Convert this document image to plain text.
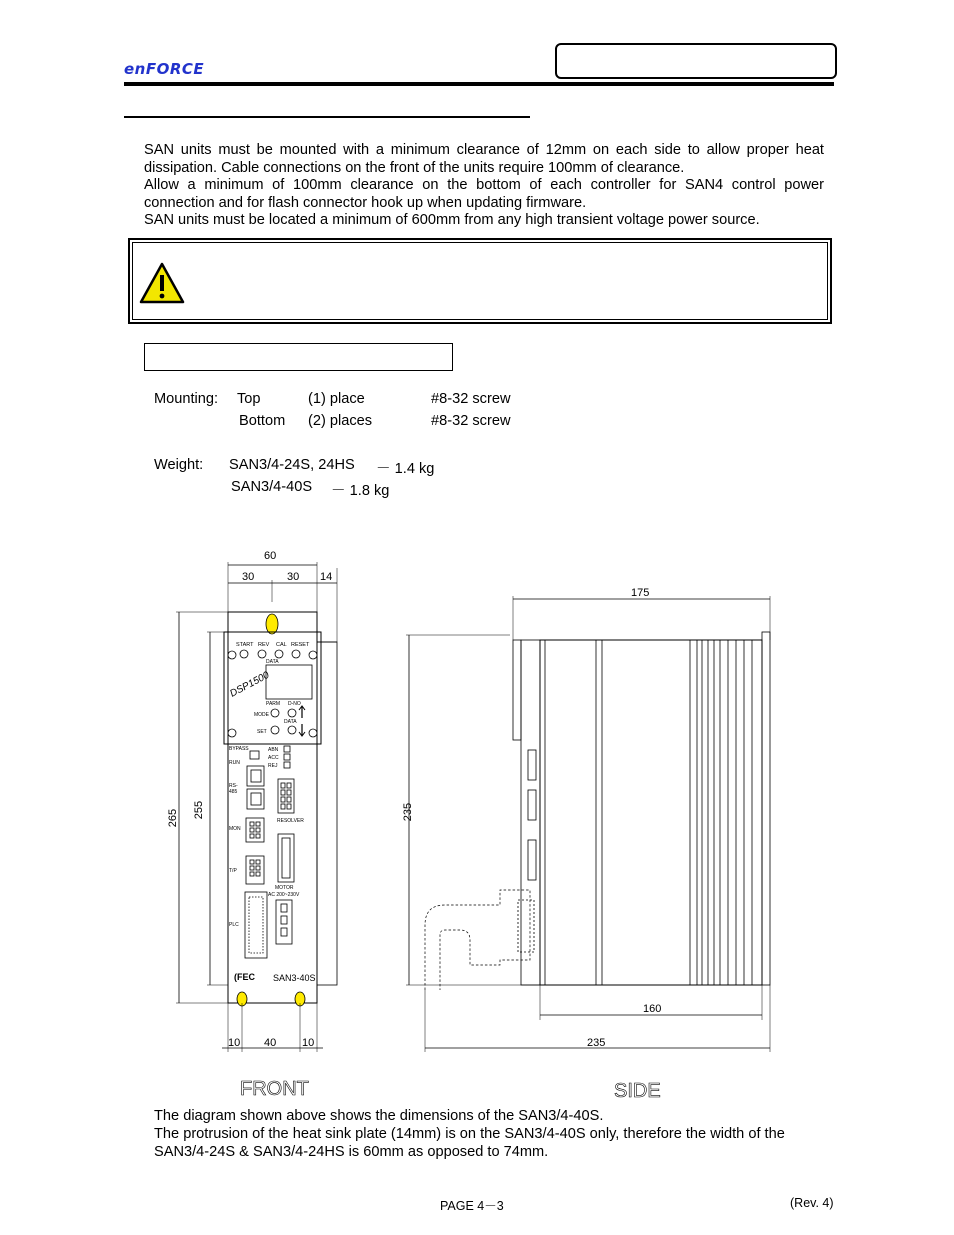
enFORCE
SAN units must be mounted with a minimum clearance of 12mm on each side to allow proper heat dissipation. Cable connections on the front of the units require 100mm of clearance.
Allow a minimum of 100mm clearance on the bottom of each controller for SAN4 control power connection and for flash connector hook up when updating firmware.
SAN units must be located a minimum of 600mm from any high transient voltage power source.
Mounting: Top	(1) place	#8-32 screw
Bottom (2) places	#8-32 screw
Weight: SAN3/4-24S, 24HS － 1.4 kg
SAN3/4-40S － 1.8 kg
60
30	30 14
265 255
START REV CAL RESET
DATA
DSP1500
PARM D-NO
MODE
DATA
SET
BYPASS	ABN
ACC
REJ
RUN
RS-
485
RESOLVER
MON
T/P
MOTOR
AC 200~230V
PLC
(FEC SAN3-40S
10 40 10
FRONT
175
235
160
235
SIDE
The diagram shown above shows the dimensions of the SAN3/4-40S.
The protrusion of the heat sink plate (14mm) is on the SAN3/4-40S only, therefore the width of the SAN3/4-24S & SAN3/4-24HS is 60mm as opposed to 74mm.
PAGE 4－3	(Rev. 4)
